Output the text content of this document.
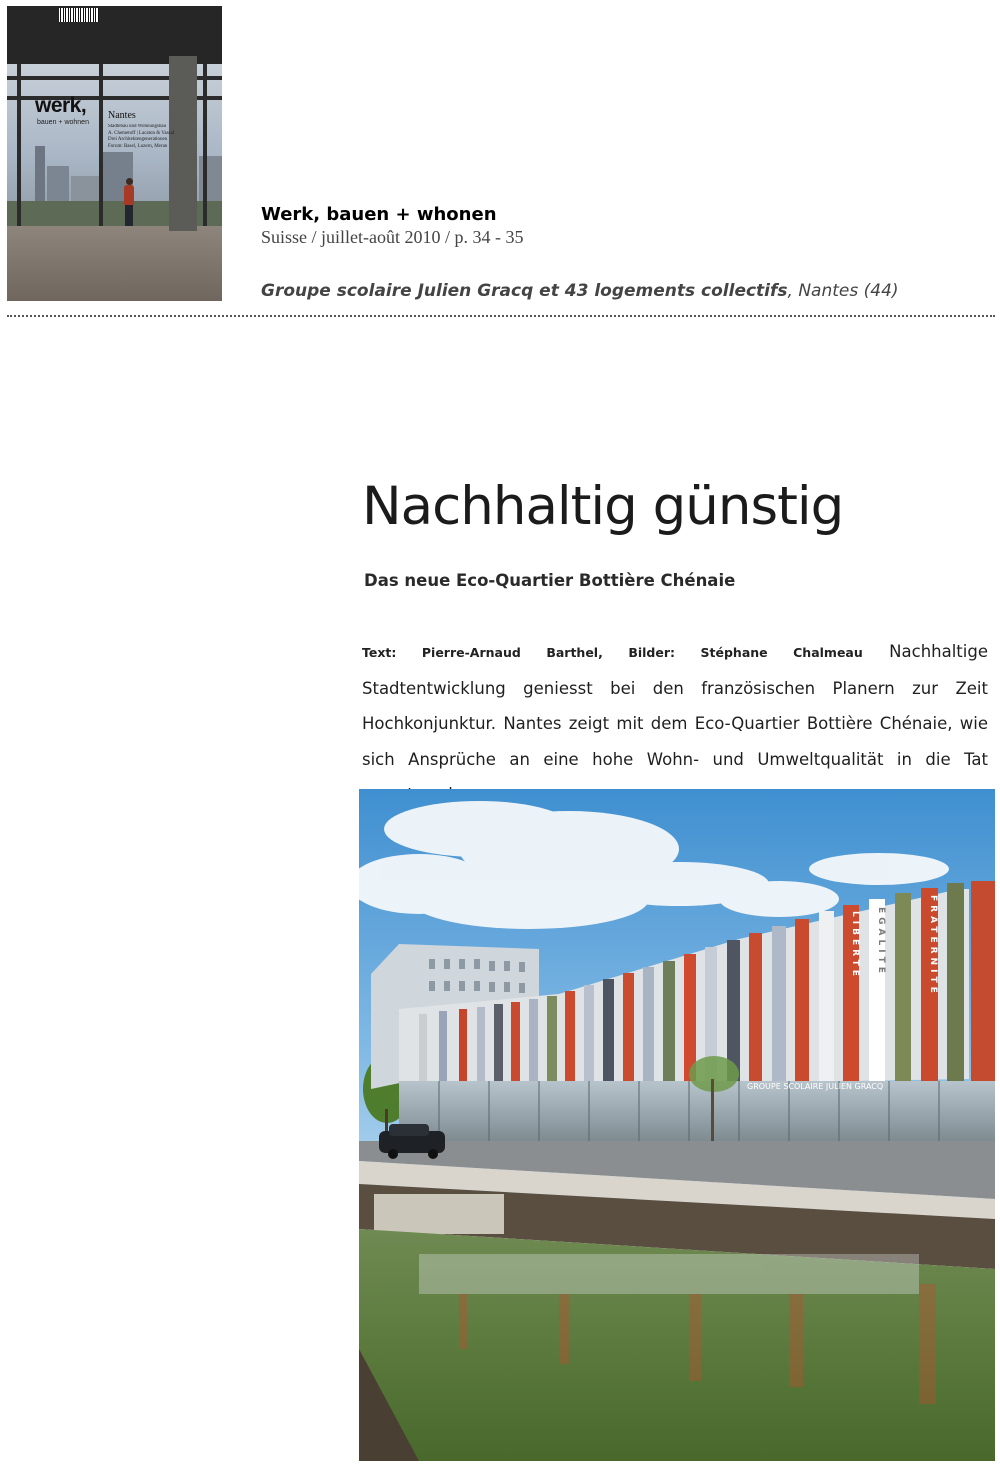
werk,
bauen + wohnen
Nantes
Städtebau und Wohnungsbau
A. Chemetoff | Lacaton & Vassal
Drei Architektengenerationen
Forum: Basel, Luzern, Meran
Werk, bauen + whonen
Suisse / juillet-août 2010 / p. 34 - 35
Groupe scolaire Julien Gracq et 43 logements collectifs, Nantes (44)
Nachhaltig günstig
Das neue Eco-Quartier Bottière Chénaie
Text: Pierre-Arnaud Barthel, Bilder: Stéphane Chalmeau Nachhaltige Stadtentwicklung geniesst bei den französischen Planern zur Zeit Hochkonjunktur. Nantes zeigt mit dem Eco-Quartier Bottière Chénaie, wie sich Ansprüche an eine hohe Wohn- und Umweltqualität in die Tat
LIBERTE EGALITE	FRATERNITE
GROUPE SCOLAIRE JULIEN GRACQ
